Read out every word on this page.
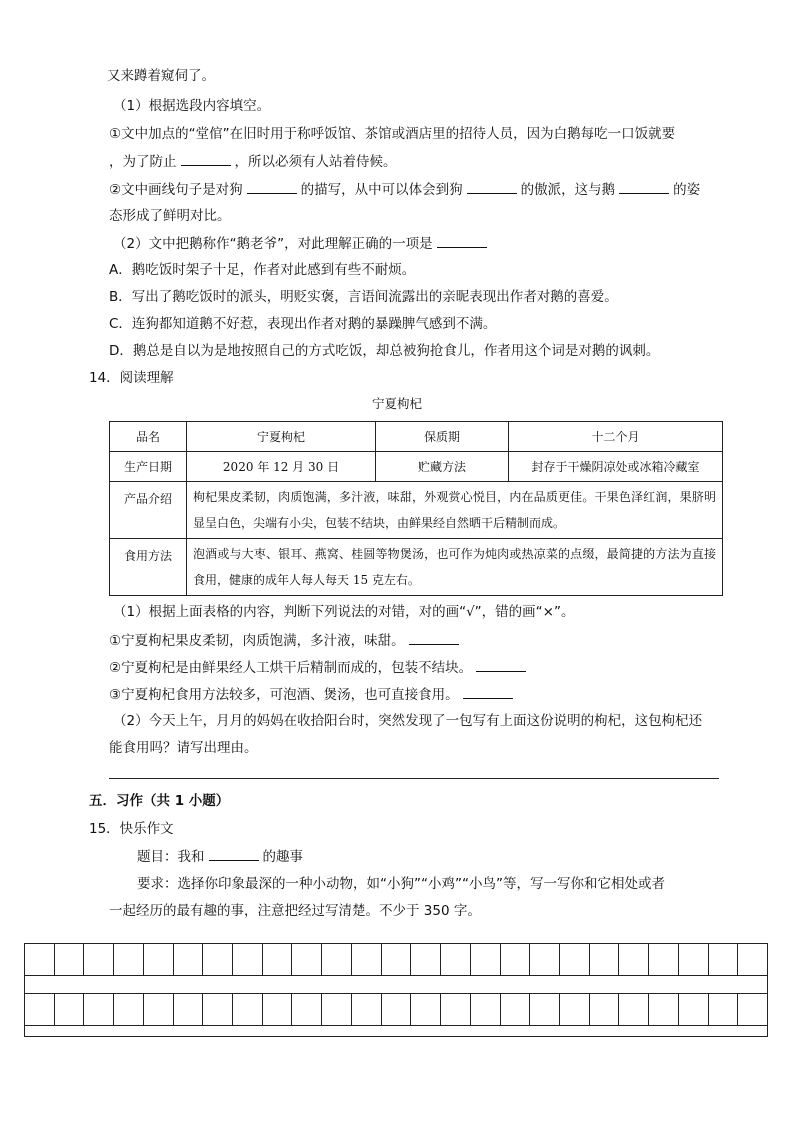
又来蹲着窥伺了。
（1）根据选段内容填空。
①文中加点的“堂倌”在旧时用于称呼饭馆、茶馆或酒店里的招待人员，因为白鹅每吃一口饭就要
，为了防止	，所以必须有人站着侍候。
②文中画线句子是对狗	的描写，从中可以体会到狗	的傲派，这与鹅	的姿
态形成了鲜明对比。
（2）文中把鹅称作“鹅老爷”，对此理解正确的一项是
A．鹅吃饭时架子十足，作者对此感到有些不耐烦。
B．写出了鹅吃饭时的派头，明贬实褒，言语间流露出的亲昵表现出作者对鹅的喜爱。
C．连狗都知道鹅不好惹，表现出作者对鹅的暴躁脾气感到不满。
D．鹅总是自以为是地按照自己的方式吃饭，却总被狗抢食儿，作者用这个词是对鹅的讽刺。
14．阅读理解
宁夏枸杞
品名	宁夏枸杞	保质期	十二个月
生产日期	2020 年 12 月 30 日	贮藏方法	封存于干燥阴凉处或冰箱冷藏室
产品介绍	枸杞果皮柔韧，肉质饱满，多汁液，味甜，外观赏心悦目，内在品质更佳。干果色泽红润，果脐明显呈白色，尖端有小尖，包装不结块，由鲜果经自然晒干后精制而成。		
食用方法	泡酒或与大枣、银耳、燕窝、桂圆等物煲汤，也可作为炖肉或热凉菜的点缀，最简捷的方法为直接食用，健康的成年人每人每天 15 克左右。		
（1）根据上面表格的内容，判断下列说法的对错，对的画“√”，错的画“×”。
①宁夏枸杞果皮柔韧，肉质饱满，多汁液，味甜。
②宁夏枸杞是由鲜果经人工烘干后精制而成的，包装不结块。
③宁夏枸杞食用方法较多，可泡酒、煲汤，也可直接食用。
（2）今天上午，月月的妈妈在收拾阳台时，突然发现了一包写有上面这份说明的枸杞，这包枸杞还
能食用吗？请写出理由。
五．习作（共 1 小题）
15．快乐作文
题目：我和	的趣事
要求：选择你印象最深的一种小动物，如“小狗”“小鸡”“小鸟”等，写一写你和它相处或者
一起经历的最有趣的事，注意把经过写清楚。不少于 350 字。
